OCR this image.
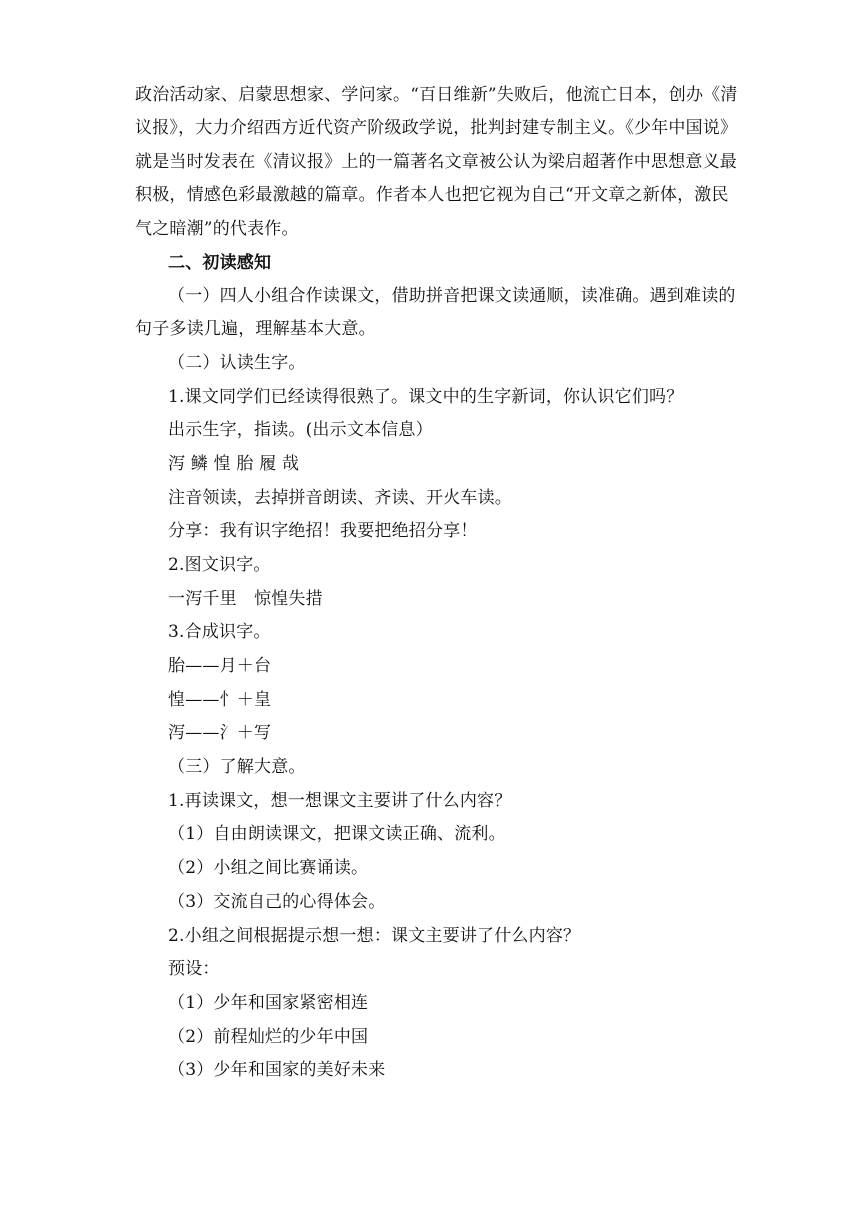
政治活动家、启蒙思想家、学问家。“百日维新”失败后，他流亡日本，创办《清
议报》，大力介绍西方近代资产阶级政学说，批判封建专制主义。《少年中国说》
就是当时发表在《清议报》上的一篇著名文章被公认为梁启超著作中思想意义最
积极，情感色彩最激越的篇章。作者本人也把它视为自己“开文章之新体，激民
气之暗潮”的代表作。
二、初读感知
（一）四人小组合作读课文，借助拼音把课文读通顺，读准确。遇到难读的
句子多读几遍，理解基本大意。
（二）认读生字。
1.课文同学们已经读得很熟了。课文中的生字新词，你认识它们吗？
出示生字，指读。(出示文本信息）
泻 鳞 惶 胎 履 哉
注音领读，去掉拼音朗读、齐读、开火车读。
分享：我有识字绝招！我要把绝招分享！
2.图文识字。
一泻千里　惊惶失措
3.合成识字。
胎——月＋台
惶——忄＋皇
泻——氵＋写
（三）了解大意。
1.再读课文，想一想课文主要讲了什么内容？
（1）自由朗读课文，把课文读正确、流利。
（2）小组之间比赛诵读。
（3）交流自己的心得体会。
2.小组之间根据提示想一想：课文主要讲了什么内容？
预设：
（1）少年和国家紧密相连
（2）前程灿烂的少年中国
（3）少年和国家的美好未来
